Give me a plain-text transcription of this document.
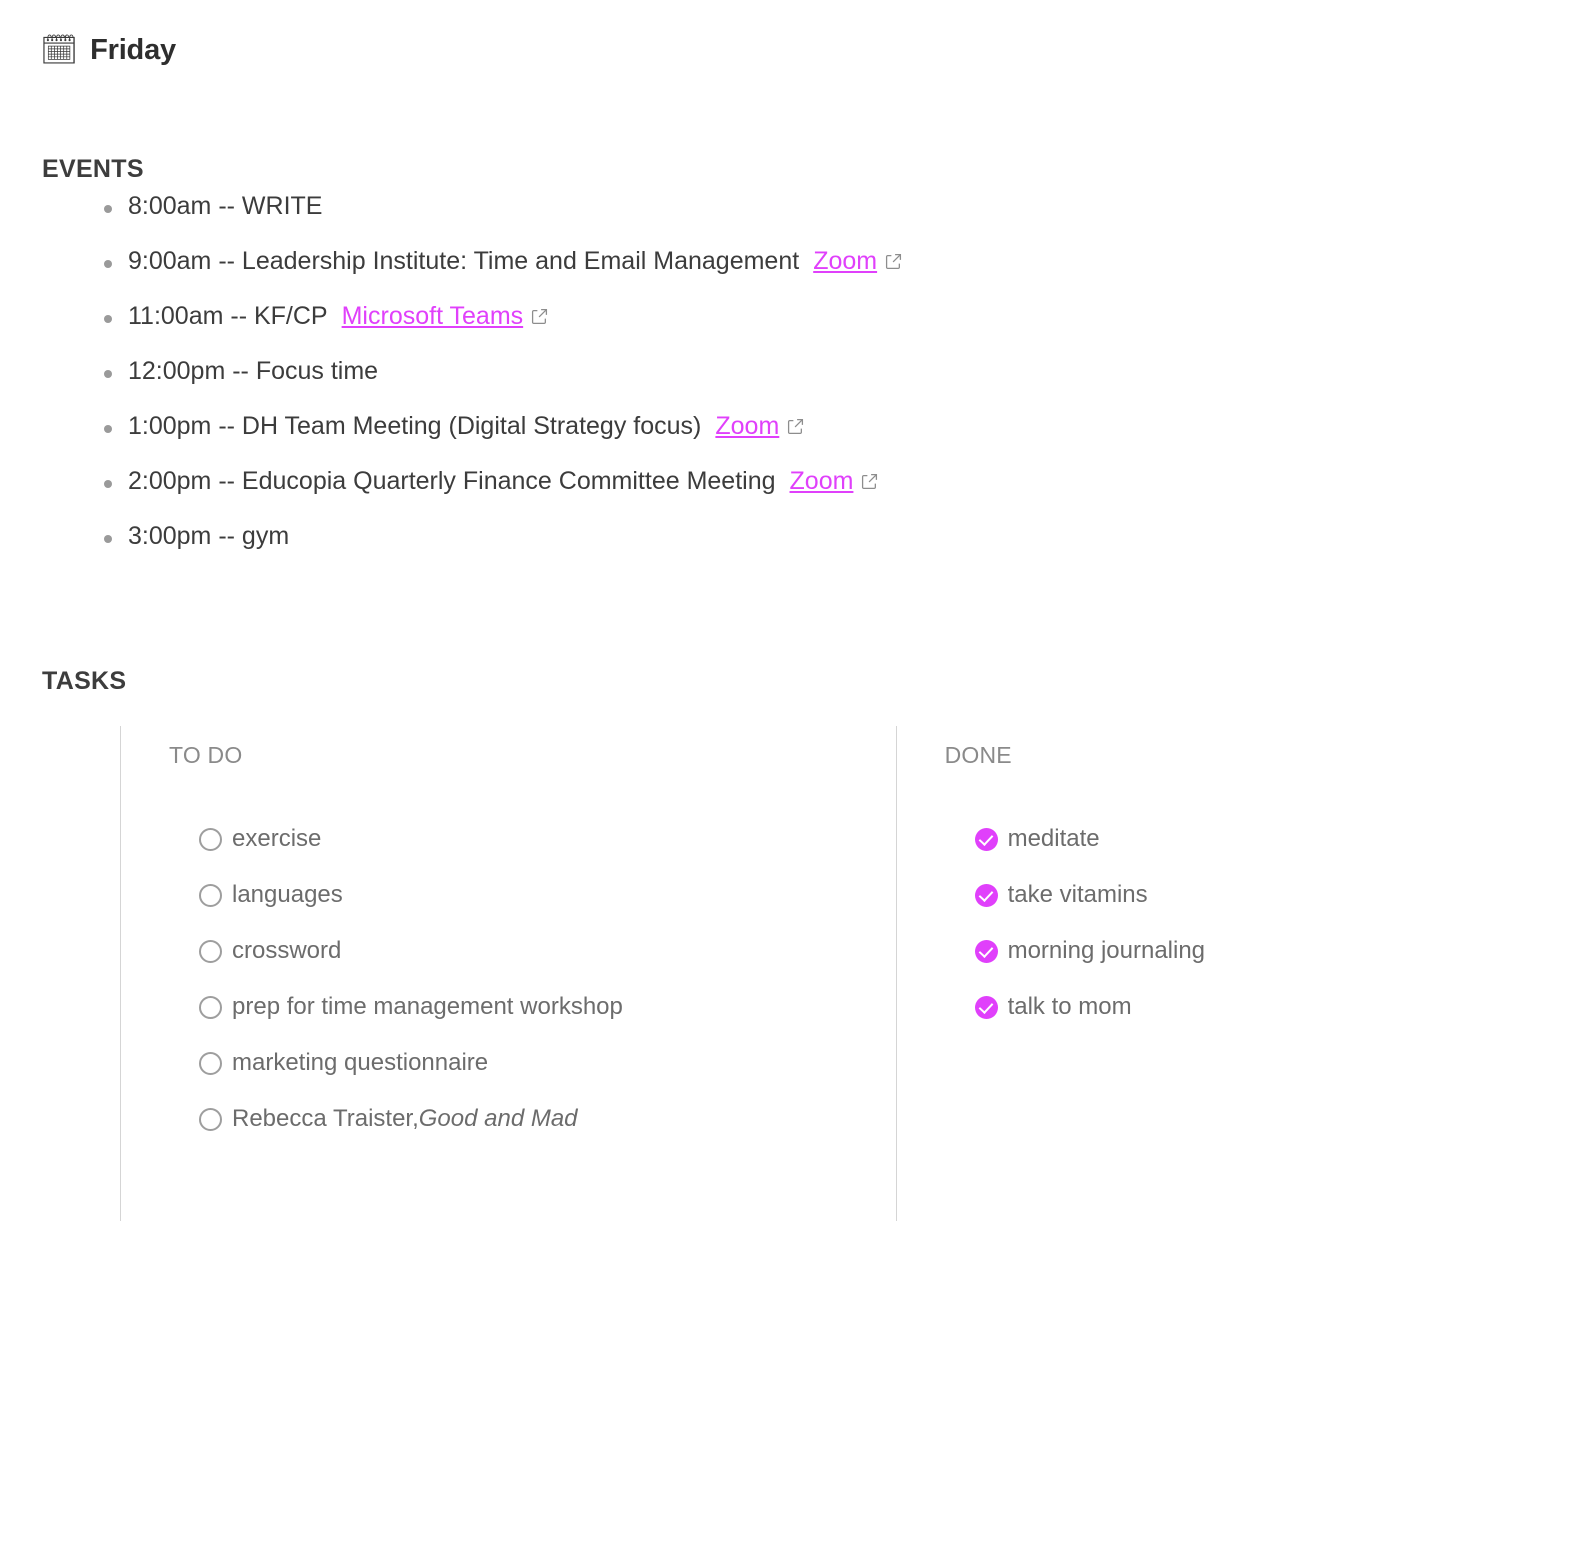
🗓 Friday
EVENTS
8:00am -- WRITE
9:00am -- Leadership Institute: Time and Email Management Zoom
11:00am -- KF/CP Microsoft Teams
12:00pm -- Focus time
1:00pm -- DH Team Meeting (Digital Strategy focus) Zoom
2:00pm -- Educopia Quarterly Finance Committee Meeting Zoom
3:00pm -- gym
TASKS
TO DO
exercise
languages
crossword
prep for time management workshop
marketing questionnaire
Rebecca Traister, Good and Mad
DONE
meditate
take vitamins
morning journaling
talk to mom
